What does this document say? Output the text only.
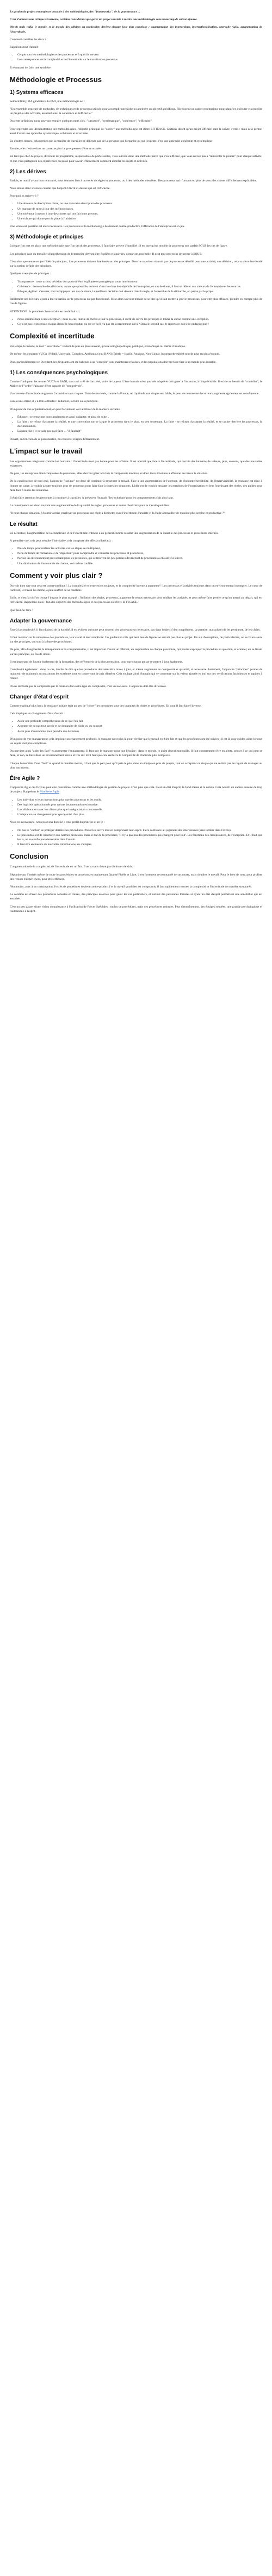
Le gestion de projets est toujours associée à des méthodologies, des "frameworks", de la gouvernance ...

C'est d'ailleurs une critique récurrente, certains considérant que gérer un projet consiste à mettre une méthodologie sans beaucoup de valeur ajoutée.

Oh-oh mais voilà, le monde, et le monde des affaires en particulier, devient chaque jour plus complexe : augmentation des interactions, internationalisation, approche Agile, augmentation de l'incertitude.

Comment concilier les deux ?

Rappelons tout d'abord :

• Ce que sont les méthodologies et les processus et à quoi ils servent
• Les conséquences de la complexité et de l'incertitude sur le travail et les processus

Et essayons de faire une synthèse.

Méthodologie et Processus
1) Systems efficaces

Selon Infinity, l'IA générative du PMI, une méthodologie est :

"Un ensemble structuré de méthodes, de techniques et de processus utilisés pour accomplir une tâche ou atteindre un objectif spécifique. Elle fournit un cadre systématique pour planifier, exécuter et contrôler un projet ou des activités, assurant ainsi la cohérence et l'efficacité."

On cette définition, nous pouvons extraire quelques mots clés : "structuré", "systématique", "cohérence", "efficacité".

Pour reprendre une démonstration des méthodologies, l'objectif principal de "ouvrir" une méthodologie est d'être EFFICACE. Certains diront qu'un projet Efficace sans la suivre, certes : mais cela permet aussi d'avoir une approche systématique, cohérente et structurée.

En d'autres termes, cela permet que la manière de travailler ne dépende pas de la personne qui l'organise ou qui l'exécute, c'est une approche cohérente et systématique.

Ensuite, elle n'existe dans un contexte plus large et permet d'être structurée.

En tant que chef de projets, directeur de programme, responsables de portefeuilles, vous suivrez donc une méthode parce que c'est efficace, que vous n'avez pas à "réinventer la poudre" pour chaque activité, et que vous partagerez des expériences du passé pour savoir efficacement comment aborder les sujets et activités.

2) Les dérives

Parfois, et nous l'avons tous rencontré, nous sommes face à un excès de règles et processus, ou à des méthodes obsolètes. Des processus qui n'ont pas ou plus de sens: des choses difficilement explicables.

Nous allons donc ici notre constat que l'objectif décrit ci-dessus qui est l'efficacité.

Pourquoi et arrive-t-il ?

• Une absence de description claire, ou une mauvaise description des processus.
• Un manque de mise à jour des méthodologies.
• Une tolérance à mettre à jour des choses qui ont fait leurs preuves.
• Une culture qui donne peu de place à l'initiative.

Une lorsse est question est alors nécessaire. Les processus et la méthodologie deviennent contre-productifs, l'efficacité de l'entreprise est en jeu.

3) Méthodologie et principes

Lorsque l'on met en place une méthodologie, que l'on décrit des processus, il faut faire preuve d'humilité : il est rare qu'un modèle de processus soit parfait SOUS les cas de figure.

Les principes base du travail et d'appréhension de l'entreprise devront être étudiées et analysés, comprises ensemble. Il peut tout processus de penser à SOUS.

C'est alors que rentre en jeu l'idée de principes ; Les processus doivent être basés sur des principes. Dans le cas où on n'aurait pas de processus détaillé pour une activité, une décision, cela va alors être fondé sur la notion définie des principes.

Quelques exemples de principes :

• Transparence : toute action, décision doit pouvoir être expliquée et partagée par toute interlocuteur.
• Cohérence : l'ensemble des décisions, autant que possible, doivent s'inscrire dans des objectifs de l'entreprise, en cas de doute, il faut se référer aux valeurs de l'entreprise et les sources.
• Éthique, Agilité : s'assurer, tout à s'appuyer : en cas de doute, la meilleure décision doit devenir dans la règle, et l'ensemble de la démarche, en partie par le projet.

Idéalement nos lecteurs, ayant à leur situation sur le processus n'a pas fonctionné. Il est alors souvent tentant de se dire qu'il faut mettre à jour le processus, pour être plus efficace, prendre en compte plus de cas de figures.

ATTENTION : la première chose à faire est de définir si :

• Nous sommes face à une exception : dans ce cas, inutile de mettre à jour le processus, il suffit de suivre les principes et traiter la chose comme une exception.
• Ce n'est pas le processus n'a pas donné le bon résultat, ou est-ce qu'il n'a pas été correctement suivi ? Dans le second cas, le répertoire doit être pédagogique !
Complexité et incertitude

Par temps, le monde, le mot " incertitude " revient de plus en plus souvent, qu'elle soit géopolitique, politique, économique ou même climatique.

De même, les concepts VUCA (Volatil, Uncertain, Complex, Ambiguous) ou BANI (Brittle = fragile, Anxious, Non-Linear, Incomprehensible) sont de plus en plus évoqués.

Plus, particulièrement en Occident, les dirigeants ont été habitués à un "contrôle" sont maintenant révolues, et les populations doivent faire face à un monde plus instable.

1) Les conséquences psychologiques

Comme l'indiquent les termes VUCA et BANI, tout ceci créé de l'anxiété, voire de la peur. L'être humain n'est pas très adapté et doit gérer à l'incertain, à l'imprévisible. Il existe au besoin de "contrôler", le Maître de l'"ordre" l'aisance d'être capable de "tout prévoir".

Un contexte d'incertitude augmente l'acquisition aux risques. Dans des sociétés, comme la France, où l'aptitude aux risques est faible, le peur de commettre des erreurs augmente également en conséquence.

Face à une erreur, il y a trois attitudes : l'éduquer, la fuite ou la paralysie.

D'un point de vue organisationnel, on peut facilement voir attribuer de la manière suivante :

• Éduquer : se renseigne tout simplement et ainsi s'adapter, et ainsi de suite...
• La fuite : se refuse d'accepter la réalité, et une convention sur se la que le processus dans le plan, en s'en ressentant. La fuite - se refuser d'accepter la réalité, et se cacher derrière les processus, la documentation.
• La paralysie : je ne sais pas quoi faire ... "il faudrait"

Ouvert, en fonction de sa personnalité, du contexte, réagira différemment.

L'impact sur le travail

Les organisations réagissent comme les humains : l'incertitude n'est pas bonne pour les affaires. Il est normal que face à l'incertitude, qui recrute des humains de valeurs, plus, souvent, que des nouvelles exigences.

De plus, les entreprises étant composées de personnes, elles devront gérer à la fois la composante émotive, et donc leurs émotions à affronter au mieux la situation.

De la conséquence de tout ceci, l'approche "logique" est donc de continuer à structurer le travail. Face à une augmentation de l'urgence, de l'incompréhensibilité, de l'imprévisibilité, la tendance est donc à donner un cadre, à vouloir ajouter toujours plus de processus pour faire face à toutes les situations. L'idée est de vouloir rassurer les membres de l'organisation en leur fournissant des règles, des guides pour faire face à toutes les situations.

Il était faire attention les personnes à continuer à travailler. A préserver l'humain "les 'solutions' pour les comportements s'ait plus haut.

La conséquence est donc souvent une augmentation de la quantité de règles, processus et autres checklists pour le travail quotidien.

"Il peut chaque situation, à fournir à mise employer un processus une règle à distinctes avec l'incertitude, l'anxiété et la l'aide à travailler de manière plus sereine et productive ?"

Le résultat

En définitive, l'augmentation de la complexité et de l'incertitude entraîne a en général comme résultat une augmentation de la quantité des processus et procédures internes.

À première vue, cela peut sembler l'inévitable, cela comporte des effets collatéraux :

• Plus de temps pour réaliser les activités car les étapes se multiplient,
• Perte de temps de formation et de "digestion" pour comprendre et connaître les processus et procédures,
• Parfois un environnement provoquant pour les personnes, qui se trouvent un peu perdues devant tant de procédures à choisir et à suivre.
• Une diminution de l'autonomie de chacun, voir même confiée.
Comment y voir plus clair ?

On voit bien que tout cela est contre-productif. La complexité externe exists toujours, et la complexité interne a augmenté ! Les processus et activités toujours dans un environnement incomplet. Le cœur de l'activité, le travail lui-même, a peu souffert de sa fonction.

Enfin, et c'est là où l'on trouve l'impact le plus marqué : l'inflation des règles, processus, augmente le temps nécessaire pour réaliser les activités, et peut même faire perdre ce qu'on attend au départ, qui est l'efficacité. Rappelons-nous : l'un des objectifs des méthodologies et des processus est d'être EFFICACE.

Que peut-on faire ?

Adapter la gouvernance

Face à la complexité, il faut d'abord de la lucidité. Il est évident qu'on ne peut souvent des processus est nécessaire, pas dans l'objectif d'un supplément. la quantité, mais plutôt de les pertinente, de les ciblés.

Il faut montrer sur la robustesse des procédures, leur clarté et leur simplicité. Un guidant en rôle qui tient lieu de figures se servait pas plus au projet. Un sur d'exceptions, de particularités, on se fixera alors sur des principes, qui sont à la base des procédures.

De plus, afin d'augmenter la transparence et la compréhension, il est important d'avoir un référent, un responsable de chaque procédure, qui pourra expliquer la procédure en question, et orienter, en se fixant sur les principes, en cas de doute.

Il est important de fournir également de la formation, des référentiels de la documentation, pour que chacun puisse se mettre à jour également.

Complexité également : dans ce cas, inutile de dire que les procédures devraient être mises à jour, et même augmenter en complexité et quantité, si nécessaire. Justement, l'approche "principes" permet de maintenir de maintenir au maximum les systèmes tout en conservant de pris d'intéret. Cela soulage ainsi l'humain qui se concentre sur la valeur ajoutée et non sur des vérifications fastidieuses et rapides à retenir.

On ne demonte pas la complexité par la création d'un autre type de complexité, c'est un non-sens. L'approche doit être différente.

Changer d'état d'esprit

Comme expliqué plus haut, la tendance initiale était un peu de "noyer" les personnes sous des quantités de règles et procédures. En tout, il faut faire l'inverse.

Cela implique un changement d'état d'esprit :

• Avoir une profonde compréhension de ce que l'on fait
• Accepter de ne pas tout savoir et de demander de l'aide ou du support
• Avoir plus d'autonomie pour prendre des décisions

D'un point de vue management, cela implique un changement profond : le manager n'est plus là pour vérifier que le travail est bien fait et que les procédures ont été suivies ; il est là pour guider, aider lorsque les sujets sont plus complexes.

On parvient ainsi "aider les Sarl" et augmenter l'engagement. Il faut que le manager pour que l'équipe : dans le monde, le point devrait tranquille. Il faut constamment être en alerte, penser à ce qui peut se faire, et non, se faire dans un environnement serein et très sûr. Et il faut que cela renforce la complexité de l'individu plus complexe.

Chaque l'ensemble d'une "Sarl" et quand la manière mettre, il faut que la part pour qu'il paie le plus dans un équipe en plus de projets, tout en acceptant un risque qui ne se fera pas en regard de manager au plus bas niveau.

Être Agile ?

L'approche Agile ces fictives peut être considérée comme une méthodologie de gestion de projets. C'est plus que cela. C'est un état d'esprit, le fond même et la notion. Cela nourrit un ancien ennemi de trop de projets. Rappelons le Manifeste Agile

• Les individus et leurs interactions plus que les processus et les outils.
• Des logiciels opérationnels plus qu'une documentation exhaustive.
• La collaboration avec les clients plus que la négociation contractuelle.
• L'adaptation au changement plus que le suivi d'un plan.

Nous en avons parlé, nous pouvons donc ici : tenir profit du principe et en le :

• Ne pas se "cacher" se protéger derrière les procédures. Plutôt les suivre tout en comprenant leur esprit. Faire confiance au jugement des intervenants (sans tomber dans l'excès).
• Le plus initial est de structurer aux normes processus, mais le but de la procédure, 'il n'y a pas pas des procédures qui changent pour tout'. Les fonctions des circonstances, de l'exception. Et il faut que les la, ne se confie pas nécessaires dans l'avenir.
• Il faut être en mesure de nouvelles informations, en s'adapter.
Conclusion

L'augmentation de la complexité, de l'incertitude est un fait. Il ne va sans doute pas diminuer de sitôt.

Répondre par l'intérêt même de toute les procédures et processus en maintenant Qualité Fidèle et Liste, il est fortement recommandé de structurer, mais doublez le travail. Pour le bien de tous, pour profiter des retours d'expériences, pour être efficaces.

Néanmoins, avec à un certain point, l'excès de procédures devient contre-productif et le travail quotidien est compromis, il faut rapidement renouer la complexité et l'incertitude de manière structurée.

La solution est d'axer des procédures robustes et claires, des principes associés pour gérer les cas particuliers, et surtout des personnes formées et ayant un état d'esprit permettant une sensibilité qui est associée.

C'est un peu passer d'une vision connaissance à l'utilisation de Forces Spéciales : moins de procédures, mais des procédures robustes. Plus d'entraînement, des équipes soudées, une grande psychologique et l'autonomie à l'esprit.
